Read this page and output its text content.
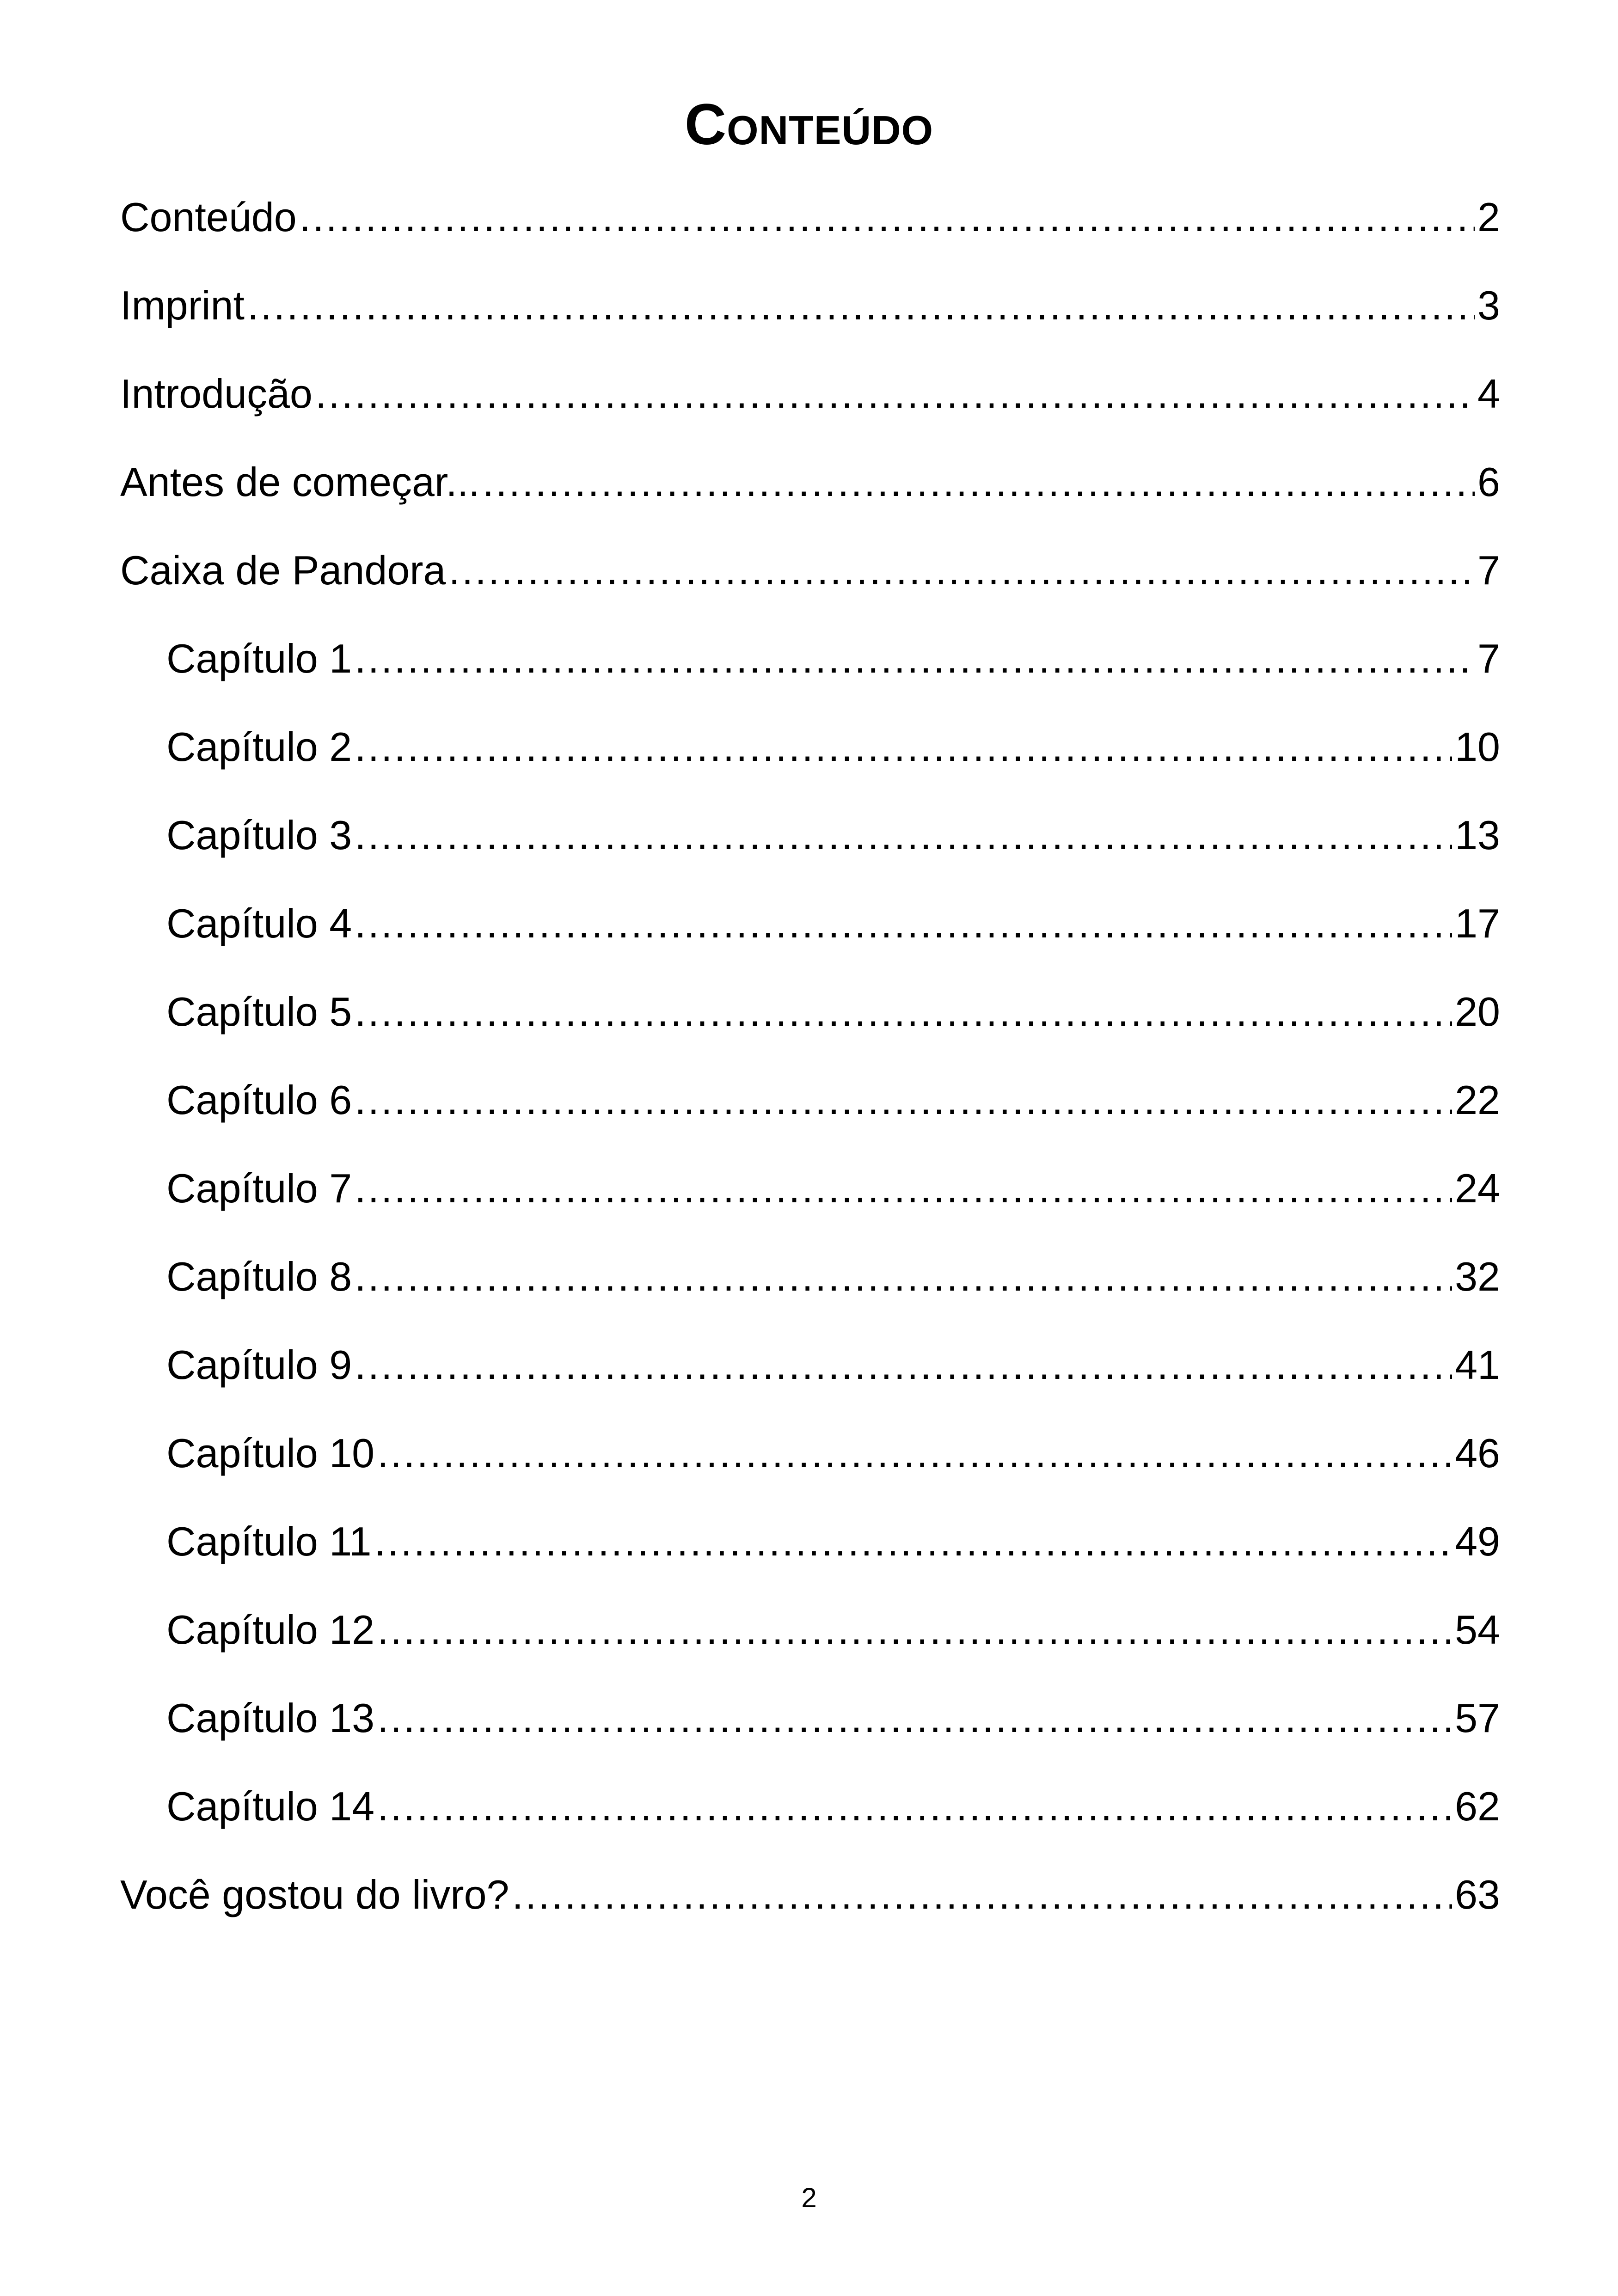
Conteúdo
Conteúdo .....	2
Imprint .....	3
Introdução .....	4
Antes de começar... .....	6
Caixa de Pandora .....	7
Capítulo 1 .....	7
Capítulo 2 .....	10
Capítulo 3 .....	13
Capítulo 4 .....	17
Capítulo 5 .....	20
Capítulo 6 .....	22
Capítulo 7 .....	24
Capítulo 8 .....	32
Capítulo 9 .....	41
Capítulo 10 .....	46
Capítulo 11 .....	49
Capítulo 12 .....	54
Capítulo 13 .....	57
Capítulo 14 .....	62
Você gostou do livro? .....	63
2
